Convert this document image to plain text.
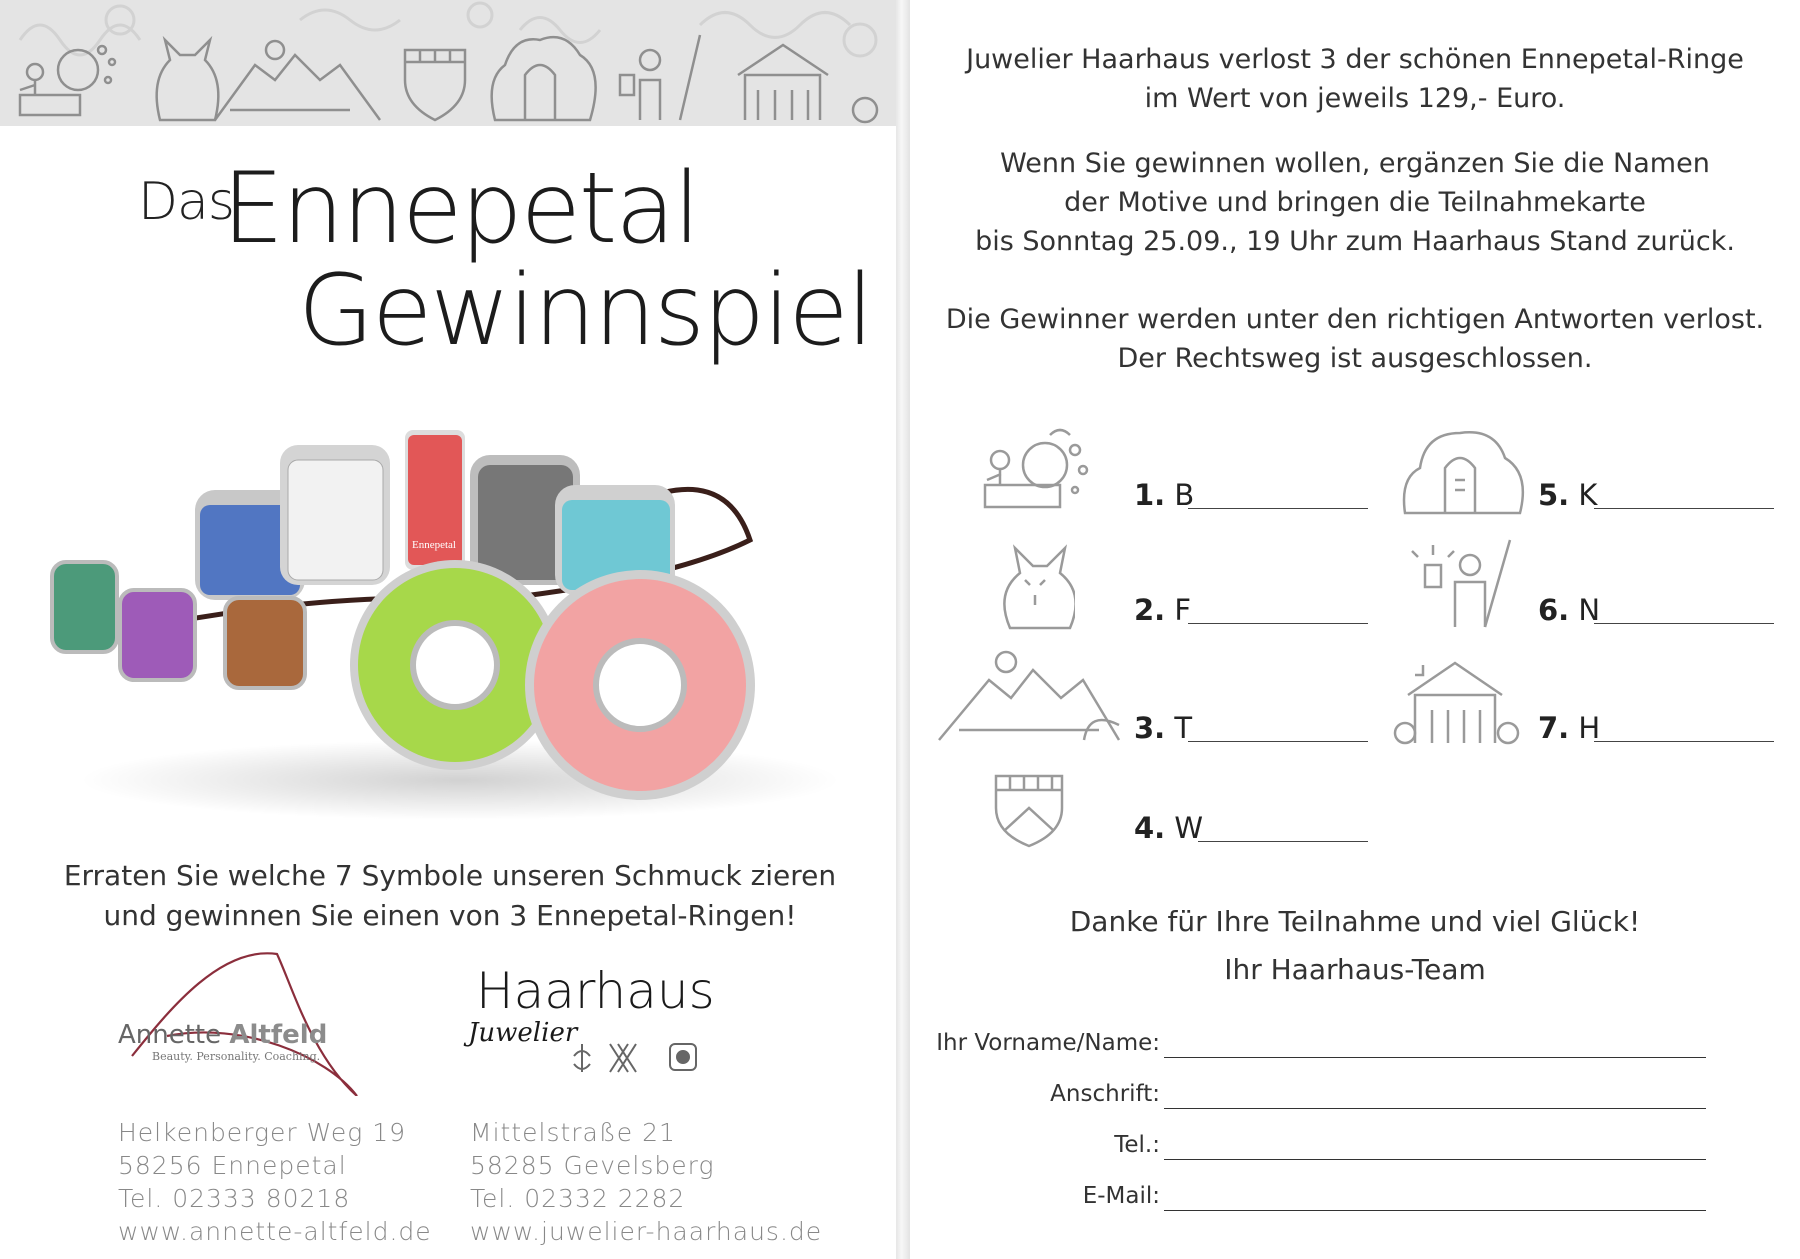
Das
Ennepetal
Gewinnspiel
Ennepetal
Erraten Sie welche 7 Symbole unseren Schmuck zieren
und gewinnen Sie einen von 3 Ennepetal-Ringen!
Annette Altfeld
Beauty. Personality. Coaching.
Haarhaus
Juwelier
Helkenberger Weg 19
58256 Ennepetal
Tel. 02333 80218
www.annette-altfeld.de
Mittelstraße 21
58285 Gevelsberg
Tel. 02332 2282
www.juwelier-haarhaus.de
Juwelier Haarhaus verlost 3 der schönen Ennepetal-Ringe
im Wert von jeweils 129,- Euro.
Wenn Sie gewinnen wollen, ergänzen Sie die Namen
der Motive und bringen die Teilnahmekarte
bis Sonntag 25.09., 19 Uhr zum Haarhaus Stand zurück.
Die Gewinner werden unter den richtigen Antworten verlost.
Der Rechtsweg ist ausgeschlossen.
1. B
2. F
3. T
4. W
5. K
6. N
7. H
Danke für Ihre Teilnahme und viel Glück!
Ihr Haarhaus-Team
Ihr Vorname/Name:
Anschrift:
Tel.:
E-Mail:
